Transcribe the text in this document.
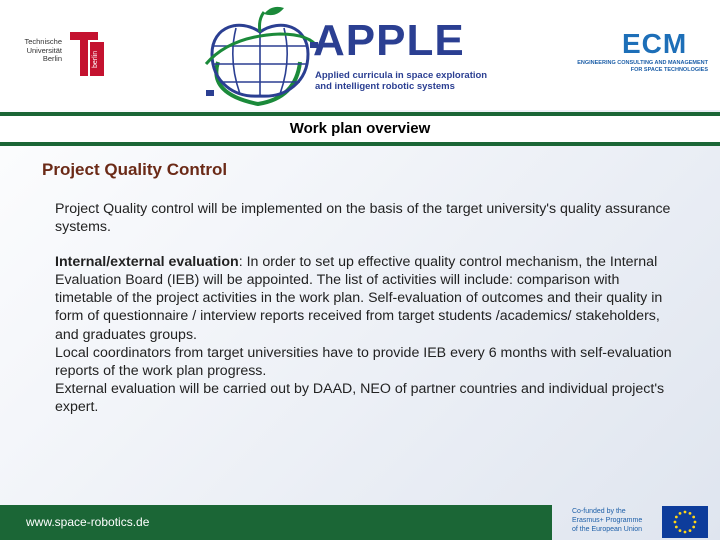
Technische
Universität
Berlin	berlin	APPLE
Applied curricula in space exploration
and intelligent robotic systems
ECM
ENGINEERING CONSULTING AND MANAGEMENT
FOR SPACE TECHNOLOGIES
Work plan overview
Project Quality Control

Project Quality control will be implemented on the basis of the target university's quality assurance systems.

Internal/external evaluation: In order to set up effective quality control mechanism, the Internal Evaluation Board (IEB) will be appointed. The list of activities will include: comparison with timetable of the project activities in the work plan. Self-evaluation of outcomes and their quality in form of questionnaire / interview reports received from target students /academics/ stakeholders, and graduates groups.

Local coordinators from target universities have to provide IEB every 6 months with self-evaluation reports of the work plan progress.

External evaluation will be carried out by DAAD, NEO of partner countries and individual project's expert.

www.space-robotics.de
Co-funded by the
Erasmus+ Programme
of the European Union
